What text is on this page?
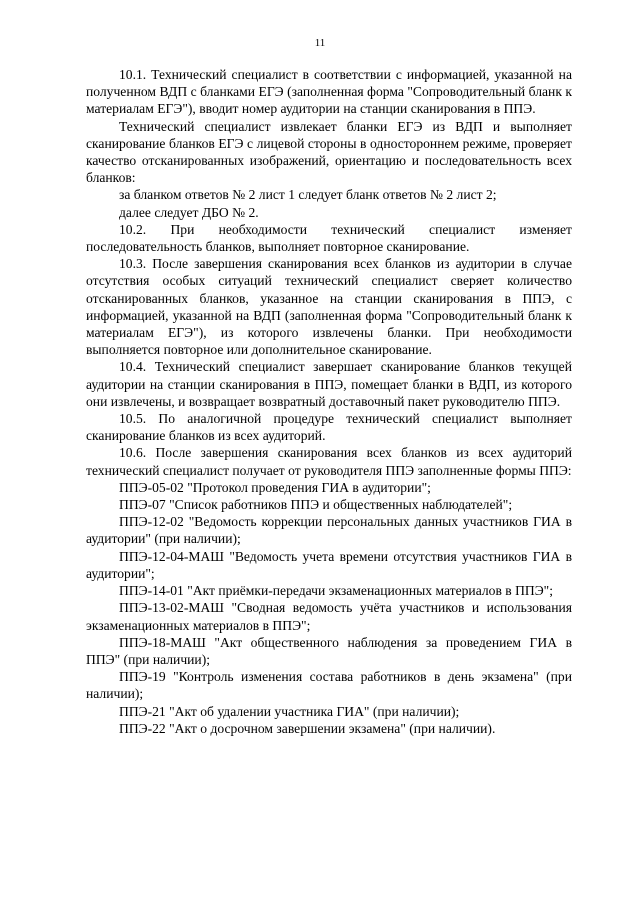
11

10.1. Технический специалист в соответствии с информацией, указанной на полученном ВДП с бланками ЕГЭ (заполненная форма "Сопроводительный бланк к материалам ЕГЭ"), вводит номер аудитории на станции сканирования в ППЭ.

Технический специалист извлекает бланки ЕГЭ из ВДП и выполняет сканирование бланков ЕГЭ с лицевой стороны в одностороннем режиме, проверяет качество отсканированных изображений, ориентацию и последовательность всех бланков:

за бланком ответов № 2 лист 1 следует бланк ответов № 2 лист 2;

далее следует ДБО № 2.

10.2. При необходимости технический специалист изменяет последовательность бланков, выполняет повторное сканирование.

10.3. После завершения сканирования всех бланков из аудитории в случае отсутствия особых ситуаций технический специалист сверяет количество отсканированных бланков, указанное на станции сканирования в ППЭ, с информацией, указанной на ВДП (заполненная форма "Сопроводительный бланк к материалам ЕГЭ"), из которого извлечены бланки. При необходимости выполняется повторное или дополнительное сканирование.

10.4. Технический специалист завершает сканирование бланков текущей аудитории на станции сканирования в ППЭ, помещает бланки в ВДП, из которого они извлечены, и возвращает возвратный доставочный пакет руководителю ППЭ.

10.5. По аналогичной процедуре технический специалист выполняет сканирование бланков из всех аудиторий.

10.6. После завершения сканирования всех бланков из всех аудиторий технический специалист получает от руководителя ППЭ заполненные формы ППЭ:

ППЭ-05-02 "Протокол проведения ГИА в аудитории";

ППЭ-07 "Список работников ППЭ и общественных наблюдателей";

ППЭ-12-02 "Ведомость коррекции персональных данных участников ГИА в аудитории" (при наличии);

ППЭ-12-04-МАШ "Ведомость учета времени отсутствия участников ГИА в аудитории";

ППЭ-14-01 "Акт приёмки-передачи экзаменационных материалов в ППЭ";

ППЭ-13-02-МАШ "Сводная ведомость учёта участников и использования экзаменационных материалов в ППЭ";

ППЭ-18-МАШ "Акт общественного наблюдения за проведением ГИА в ППЭ" (при наличии);

ППЭ-19 "Контроль изменения состава работников в день экзамена" (при наличии);

ППЭ-21 "Акт об удалении участника ГИА" (при наличии);

ППЭ-22 "Акт о досрочном завершении экзамена" (при наличии).
